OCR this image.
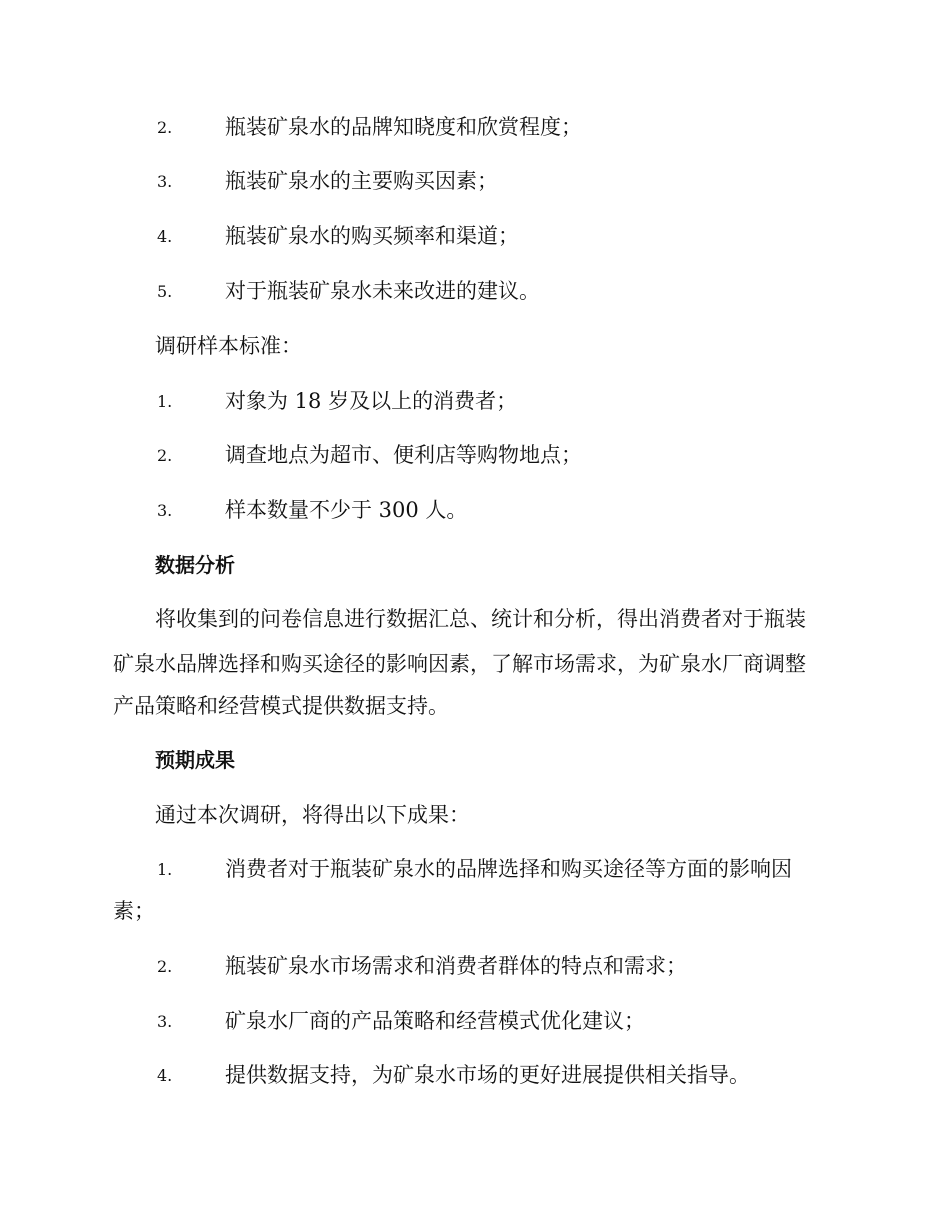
2.	瓶装矿泉水的品牌知晓度和欣赏程度；
3.	瓶装矿泉水的主要购买因素；
4.	瓶装矿泉水的购买频率和渠道；
5.	对于瓶装矿泉水未来改进的建议。
调研样本标准：
1.	对象为 18 岁及以上的消费者；
2.	调查地点为超市、便利店等购物地点；
3.	样本数量不少于 300 人。
数据分析
将收集到的问卷信息进行数据汇总、统计和分析，得出消费者对于瓶装
矿泉水品牌选择和购买途径的影响因素，了解市场需求，为矿泉水厂商调整
产品策略和经营模式提供数据支持。
预期成果
通过本次调研，将得出以下成果：
1.	消费者对于瓶装矿泉水的品牌选择和购买途径等方面的影响因
素；
2.	瓶装矿泉水市场需求和消费者群体的特点和需求；
3.	矿泉水厂商的产品策略和经营模式优化建议；
4.	提供数据支持，为矿泉水市场的更好进展提供相关指导。
